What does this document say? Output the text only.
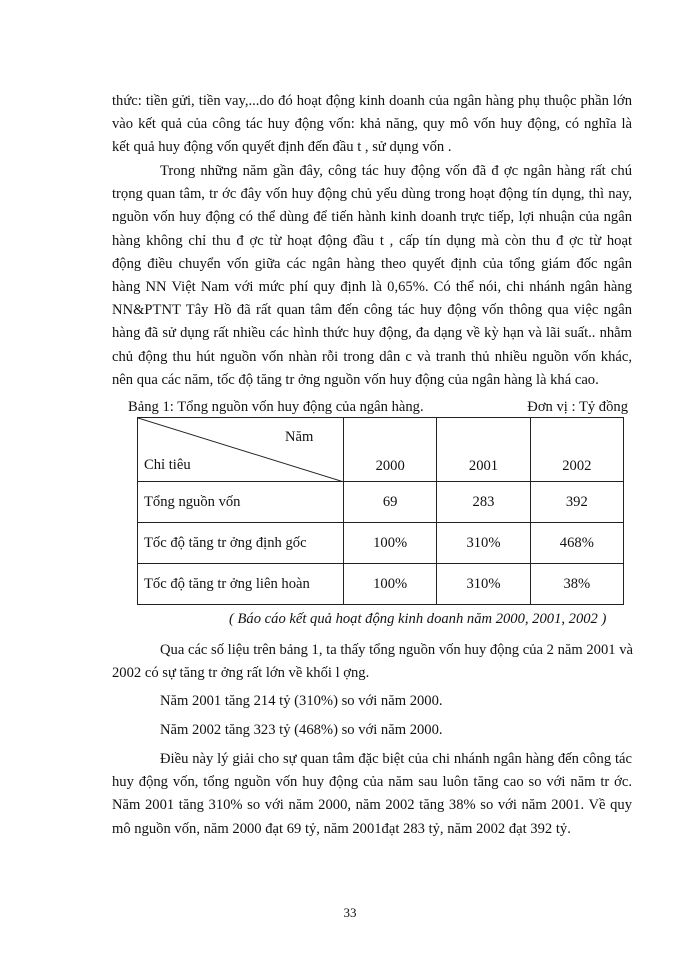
thức: tiền gửi, tiền vay,...do đó hoạt động kinh doanh của ngân hàng phụ thuộc phần lớn
vào kết quả của công tác huy động vốn: khả năng, quy mô vốn huy động, có nghĩa là
kết quả huy động vốn quyết định đến đầu t , sử dụng vốn .
Trong những năm gần đây, công tác huy động vốn đã đ ợc ngân hàng rất chú
trọng quan tâm, tr ớc đây vốn huy động chủ yếu dùng trong hoạt động tín dụng, thì nay,
nguồn vốn huy động có thể dùng để tiến hành kinh doanh trực tiếp, lợi nhuận của ngân
hàng không chỉ thu đ ợc từ hoạt động đầu t , cấp tín dụng mà còn thu đ ợc từ hoạt
động điều chuyển vốn giữa các ngân hàng theo quyết định của tổng giám đốc ngân
hàng NN Việt Nam với mức phí quy định là 0,65%. Có thể nói, chi nhánh ngân hàng
NN&PTNT Tây Hồ đã rất quan tâm đến công tác huy động vốn thông qua việc ngân
hàng đã sử dụng rất nhiều các hình thức huy động, đa dạng về kỳ hạn và lãi suất.. nhằm
chủ động thu hút nguồn vốn nhàn rỗi trong dân c và tranh thủ nhiều nguồn vốn khác,
nên qua các năm, tốc độ tăng tr ởng nguồn vốn huy động của ngân hàng là khá cao.
Bảng 1: Tổng nguồn vốn huy động của ngân hàng.	Đơn vị : Tỷ đồng
Năm
Chỉ tiêu	2000	2001	2002
Tổng nguồn vốn	69	283	392
Tốc độ tăng tr ởng định gốc	100%	310%	468%
Tốc độ tăng tr ởng liên hoàn	100%	310%	38%
( Báo cáo kết quả hoạt động kinh doanh năm 2000, 2001, 2002 )
Qua các số liệu trên bảng 1, ta thấy tổng nguồn vốn huy động của 2 năm 2001 và
2002 có sự tăng tr ởng rất lớn về khối l ợng.
Năm 2001 tăng 214 tỷ (310%) so với năm 2000.
Năm 2002 tăng 323 tỷ (468%) so với năm 2000.
Điều này lý giải cho sự quan tâm đặc biệt của chi nhánh ngân hàng đến công tác
huy động vốn, tổng nguồn vốn huy động của năm sau luôn tăng cao so với năm tr ớc.
Năm 2001 tăng 310% so với năm 2000, năm 2002 tăng 38% so với năm 2001. Về quy
mô nguồn vốn, năm 2000 đạt 69 tỷ, năm 2001đạt 283 tỷ, năm 2002 đạt 392 tỷ.
33
